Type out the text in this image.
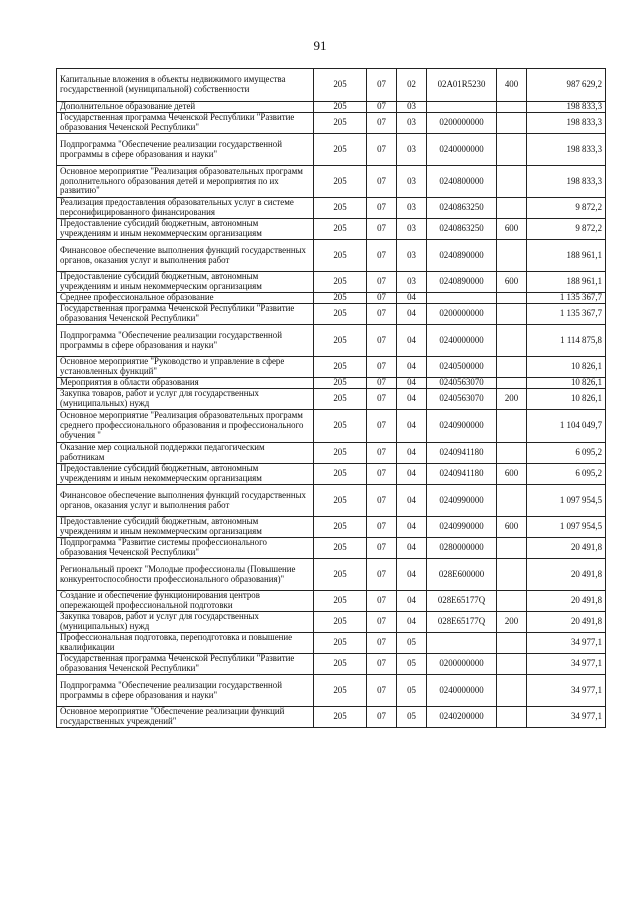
91
Капитальные вложения в объекты недвижимого имущества государственной (муниципальной) собственности	205	07	02	02A01R5230	400	987 629,2
Дополнительное образование детей	205	07	03			198 833,3
Государственная программа Чеченской Республики "Развитие образования Чеченской Республики"	205	07	03	0200000000		198 833,3
Подпрограмма "Обеспечение реализации государственной программы в сфере образования и науки"	205	07	03	0240000000		198 833,3
Основное мероприятие "Реализация образовательных программ дополнительного образования детей и мероприятия по их развитию"	205	07	03	0240800000		198 833,3
Реализация предоставления образовательных услуг в системе персонифицированного финансирования	205	07	03	0240863250		9 872,2
Предоставление субсидий бюджетным, автономным учреждениям и иным некоммерческим организациям	205	07	03	0240863250	600	9 872,2
Финансовое обеспечение выполнения функций государственных органов, оказания услуг и выполнения работ	205	07	03	0240890000		188 961,1
Предоставление субсидий бюджетным, автономным учреждениям и иным некоммерческим организациям	205	07	03	0240890000	600	188 961,1
Среднее профессиональное образование	205	07	04			1 135 367,7
Государственная программа Чеченской Республики "Развитие образования Чеченской Республики"	205	07	04	0200000000		1 135 367,7
Подпрограмма "Обеспечение реализации государственной программы в сфере образования и науки"	205	07	04	0240000000		1 114 875,8
Основное мероприятие "Руководство и управление в сфере установленных функций"	205	07	04	0240500000		10 826,1
Мероприятия в области образования	205	07	04	0240563070		10 826,1
Закупка товаров, работ и услуг для государственных (муниципальных) нужд	205	07	04	0240563070	200	10 826,1
Основное мероприятие "Реализация образовательных программ среднего профессионального образования и профессионального обучения "	205	07	04	0240900000		1 104 049,7
Оказание мер социальной поддержки педагогическим работникам	205	07	04	0240941180		6 095,2
Предоставление субсидий бюджетным, автономным учреждениям и иным некоммерческим организациям	205	07	04	0240941180	600	6 095,2
Финансовое обеспечение выполнения функций государственных органов, оказания услуг и выполнения работ	205	07	04	0240990000		1 097 954,5
Предоставление субсидий бюджетным, автономным учреждениям и иным некоммерческим организациям	205	07	04	0240990000	600	1 097 954,5
Подпрограмма "Развитие системы профессионального образования Чеченской Республики"	205	07	04	0280000000		20 491,8
Региональный проект "Молодые профессионалы (Повышение конкурентоспособности профессионального образования)"	205	07	04	028E600000		20 491,8
Создание и обеспечение функционирования центров опережающей профессиональной подготовки	205	07	04	028E65177Q		20 491,8
Закупка товаров, работ и услуг для государственных (муниципальных) нужд	205	07	04	028E65177Q	200	20 491,8
Профессиональная подготовка, переподготовка и повышение квалификации	205	07	05			34 977,1
Государственная программа Чеченской Республики "Развитие образования Чеченской Республики"	205	07	05	0200000000		34 977,1
Подпрограмма "Обеспечение реализации государственной программы в сфере образования и науки"	205	07	05	0240000000		34 977,1
Основное мероприятие "Обеспечение реализации функций государственных учреждений"	205	07	05	0240200000		34 977,1
